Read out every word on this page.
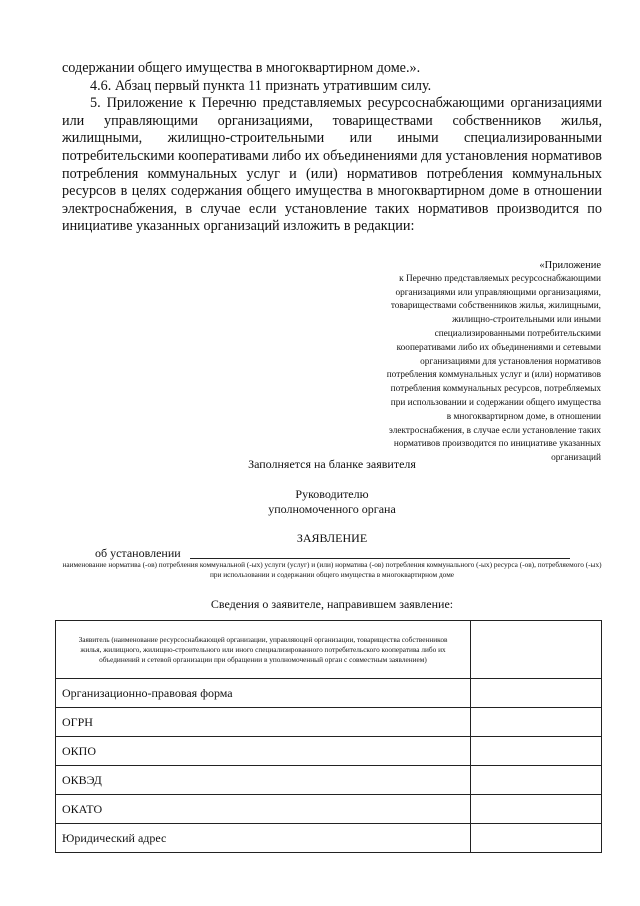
содержании общего имущества в многоквартирном доме.».

4.6. Абзац первый пункта 11 признать утратившим силу.

5. Приложение к Перечню представляемых ресурсоснабжающими организациями или управляющими организациями, товариществами собственников жилья, жилищными, жилищно-строительными или иными специализированными потребительскими кооперативами либо их объединениями для установления нормативов потребления коммунальных услуг и (или) нормативов потребления коммунальных ресурсов в целях содержания общего имущества в многоквартирном доме в отношении электроснабжения, в случае если установление таких нормативов производится по инициативе указанных организаций изложить в редакции:

«Приложение
к Перечню представляемых ресурсоснабжающими
организациями или управляющими организациями,
товариществами собственников жилья, жилищными,
жилищно-строительными или иными
специализированными потребительскими
кооперативами либо их объединениями и сетевыми
организациями для установления нормативов
потребления коммунальных услуг и (или) нормативов
потребления коммунальных ресурсов, потребляемых
при использовании и содержании общего имущества
в многоквартирном доме, в отношении
электроснабжения, в случае если установление таких
нормативов производится по инициативе указанных
организаций
Заполняется на бланке заявителя
Руководителю
уполномоченного органа
ЗАЯВЛЕНИЕ
об установлении
наименование норматива (-ов) потребления коммунальной (-ых) услуги (услуг) и (или) норматива (-ов) потребления коммунального (-ых) ресурса (-ов), потребляемого (-ых) при использовании и содержании общего имущества в многоквартирном доме
Сведения о заявителе, направившем заявление:
Заявитель (наименование ресурсоснабжающей организации, управляющей организации, товарищества собственников жилья, жилищного, жилищно-строительного или иного специализированного потребительского кооператива либо их объединений и сетевой организации при обращении в уполномоченный орган с совместным заявлением)	
Организационно-правовая форма	
ОГРН	
ОКПО	
ОКВЭД	
ОКАТО	
Юридический адрес	
